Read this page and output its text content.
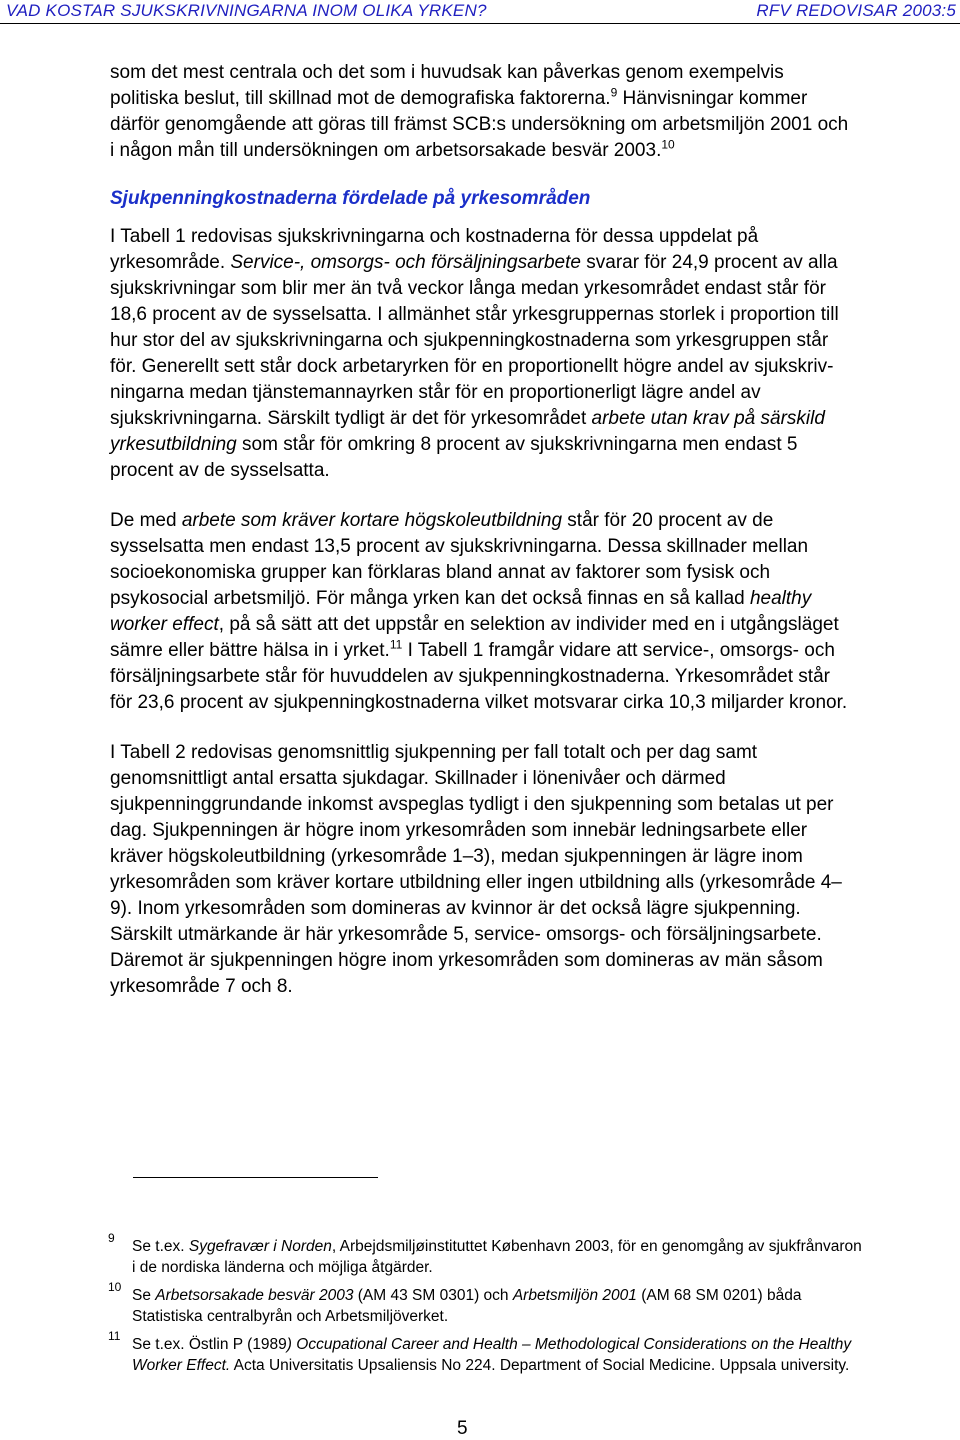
VAD KOSTAR SJUKSKRIVNINGARNA INOM OLIKA YRKEN?	RFV REDOVISAR 2003:5

som det mest centrala och det som i huvudsak kan påverkas genom exempelvis politiska beslut, till skillnad mot de demografiska faktorerna.$^9$ Hänvisningar kommer därför genomgående att göras till främst SCB:s undersökning om arbetsmiljön 2001 och i någon mån till undersökningen om arbetsorsakade besvär 2003.10

Sjukpenningkostnaderna fördelade på yrkesområden

I Tabell 1 redovisas sjukskrivningarna och kostnaderna för dessa uppdelat på yrkesområde. Service-, omsorgs- och försäljningsarbete svarar för 24,9 procent av alla sjukskrivningar som blir mer än två veckor långa medan yrkesområdet endast står för 18,6 procent av de sysselsatta. I allmänhet står yrkesgruppernas storlek i proportion till hur stor del av sjukskrivningarna och sjukpenningkostnaderna som yrkesgruppen står för. Generellt sett står dock arbetaryrken för en proportionellt högre andel av sjukskrivningarna medan tjänstemannayrken står för en proportionerligt lägre andel av sjukskrivningarna. Särskilt tydligt är det för yrkesområdet arbete utan krav på särskild yrkesutbildning som står för omkring 8 procent av sjukskrivningarna men endast 5 procent av de sysselsatta.

De med arbete som kräver kortare högskoleutbildning står för 20 procent av de sysselsatta men endast 13,5 procent av sjukskrivningarna. Dessa skillnader mellan socioekonomiska grupper kan förklaras bland annat av faktorer som fysisk och psykosocial arbetsmiljö. För många yrken kan det också finnas en så kallad healthy worker effect, på så sätt att det uppstår en selektion av individer med en i utgångsläget sämre eller bättre hälsa in i yrket.$^{11}$ I Tabell 1 framgår vidare att service-, omsorgs- och försäljningsarbete står för huvuddelen av sjukpenningkostnaderna. Yrkesområdet står för 23,6 procent av sjukpenningkostnaderna vilket motsvarar cirka 10,3 miljarder kronor.

I Tabell 2 redovisas genomsnittlig sjukpenning per fall totalt och per dag samt genomsnittligt antal ersatta sjukdagar. Skillnader i lönenivåer och därmed sjukpenninggrundande inkomst avspeglas tydligt i den sjukpenning som betalas ut per dag. Sjukpenningen är högre inom yrkesområden som innebär ledningsarbete eller kräver högskoleutbildning (yrkesområde 1–3), medan sjukpenningen är lägre inom yrkesområden som kräver kortare utbildning eller ingen utbildning alls (yrkesområde 4–9). Inom yrkesområden som domineras av kvinnor är det också lägre sjukpenning. Särskilt utmärkande är här yrkesområde 5, service- omsorgs- och försäljningsarbete. Däremot är sjukpenningen högre inom yrkesområden som domineras av män såsom yrkesområde 7 och 8.

9 Se t.ex. Sygefravær i Norden, Arbejdsmiljøinstituttet København 2003, för en genomgång av sjukfrånvaron i de nordiska länderna och möjliga åtgärder.
10 Se Arbetsorsakade besvär 2003 (AM 43 SM 0301) och Arbetsmiljön 2001 (AM 68 SM 0201) båda Statistiska centralbyrån och Arbetsmiljöverket.
11 Se t.ex. Östlin P (1989) Occupational Career and Health – Methodological Considerations on the Healthy Worker Effect. Acta Universitatis Upsaliensis No 224. Department of Social Medicine. Uppsala university.
5
